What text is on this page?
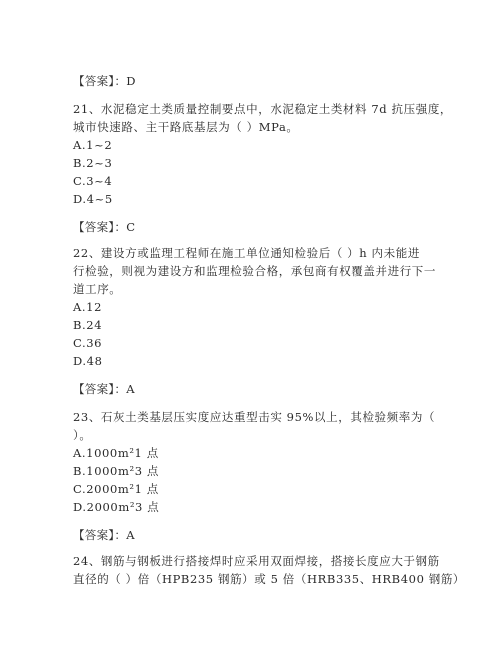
【答案】：D
21、水泥稳定土类质量控制要点中，水泥稳定土类材料 7d 抗压强度，
城市快速路、主干路底基层为（ ）MPa。
A.1~2
B.2~3
C.3~4
D.4~5
【答案】：C
22、建设方或监理工程师在施工单位通知检验后（ ）h 内未能进
行检验，则视为建设方和监理检验合格，承包商有权覆盖并进行下一
道工序。
A.12
B.24
C.36
D.48
【答案】：A
23、石灰土类基层压实度应达重型击实 95%以上，其检验频率为（
）。
A.1000m²1 点
B.1000m²3 点
C.2000m²1 点
D.2000m²3 点
【答案】：A
24、钢筋与钢板进行搭接焊时应采用双面焊接，搭接长度应大于钢筋
直径的（ ）倍（HPB235 钢筋）或 5 倍（HRB335、HRB400 钢筋）
